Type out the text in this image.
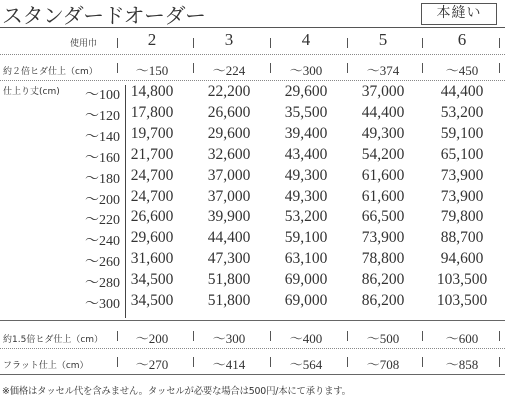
スタンダードオーダー	本縫い
使用巾	2	3	4	5	6
約２倍ヒダ仕上（cm）	～150	～224	～300	～374	～450
仕上り丈(cm) ～100 14,800	22,200	29,600	37,000	44,400
～120 17,800	26,600	35,500	44,400	53,200
～140 19,700	29,600	39,400	49,300	59,100
～160 21,700	32,600	43,400	54,200	65,100
～180 24,700	37,000	49,300	61,600	73,900
～200 24,700	37,000	49,300	61,600	73,900
～220 26,600	39,900	53,200	66,500	79,800
～240 29,600	44,400	59,100	73,900	88,700
～260 31,600	47,300	63,100	78,800	94,600
～280 34,500	51,800	69,000	86,200	103,500
～300 34,500	51,800	69,000	86,200	103,500
約1.5倍ヒダ仕上（cm）	～200	～300	～400	～500	～600
フラット仕上（cm）	～270	～414	～564	～708	～858
※価格はタッセル代を含みません。タッセルが必要な場合は500円/本にて承ります。
